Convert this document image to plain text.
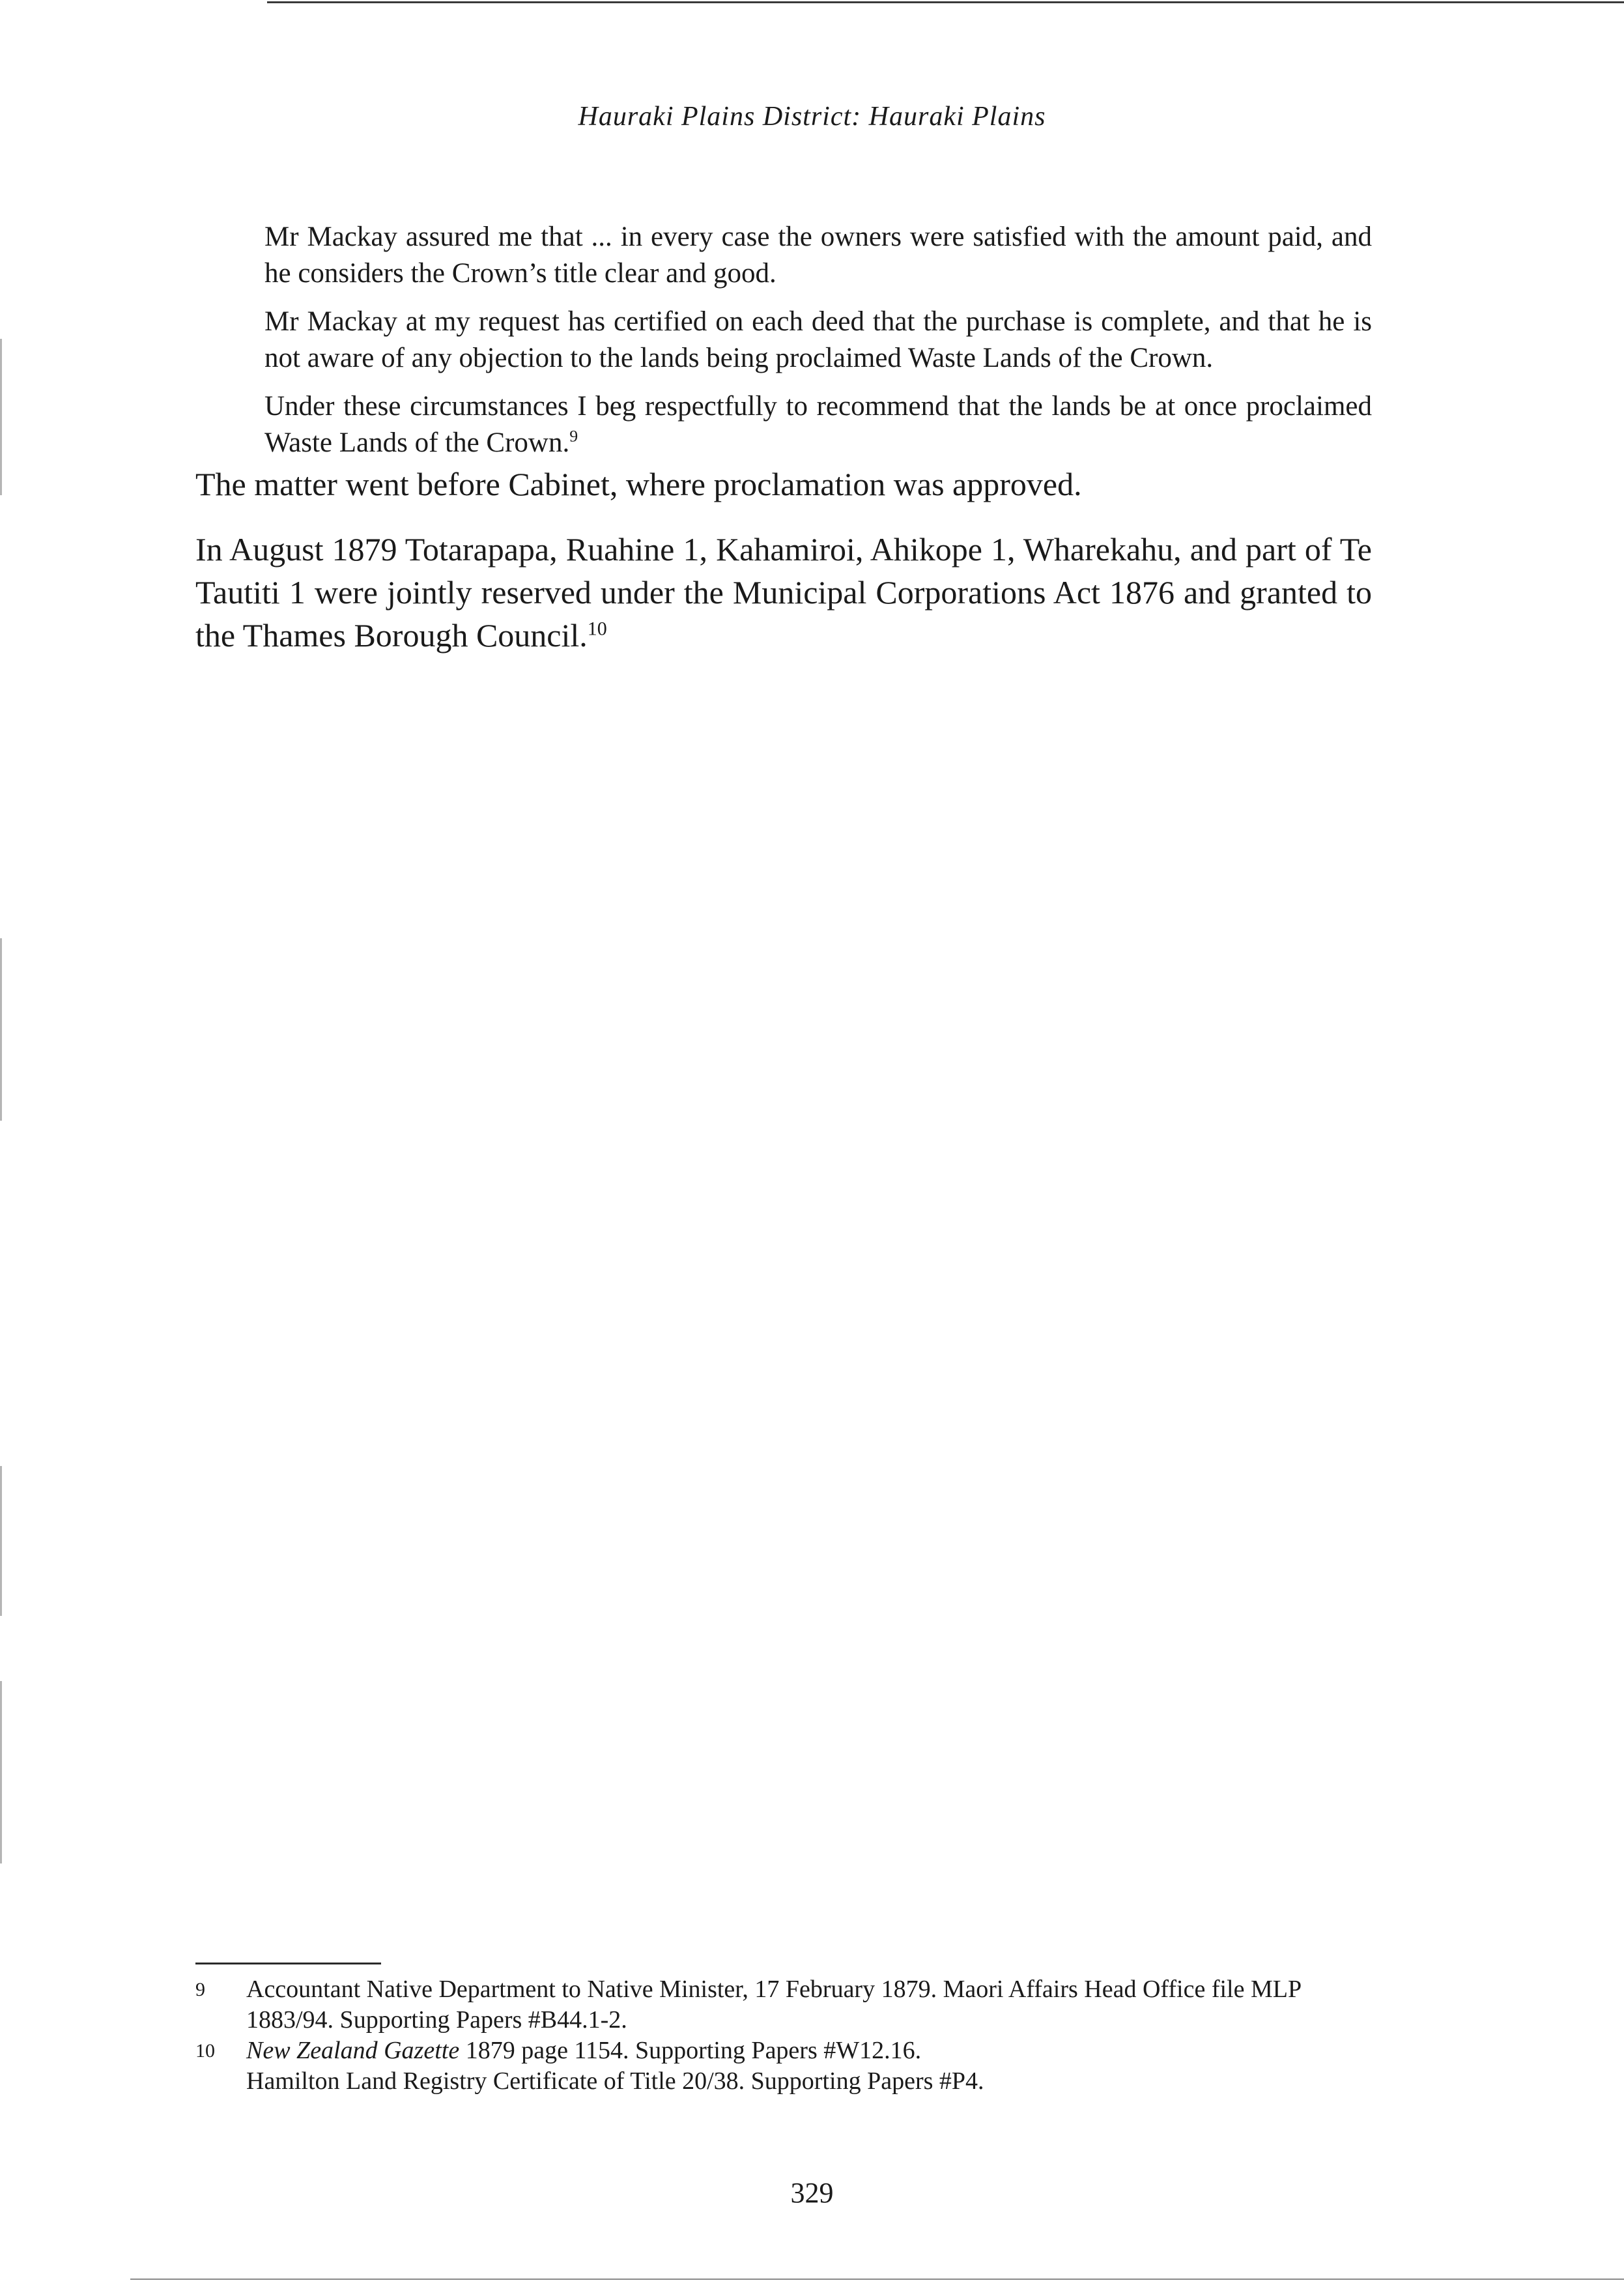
Hauraki Plains District: Hauraki Plains

Mr Mackay assured me that ... in every case the owners were satisfied with the amount paid, and he considers the Crown’s title clear and good.

Mr Mackay at my request has certified on each deed that the purchase is complete, and that he is not aware of any objection to the lands being proclaimed Waste Lands of the Crown.

Under these circumstances I beg respectfully to recommend that the lands be at once proclaimed Waste Lands of the Crown.$^9$

The matter went before Cabinet, where proclamation was approved.

In August 1879 Totarapapa, Ruahine 1, Kahamiroi, Ahikope 1, Wharekahu, and part of Te Tautiti 1 were jointly reserved under the Municipal Corporations Act 1876 and granted to the Thames Borough Council.$^{10}$

9 Accountant Native Department to Native Minister, 17 February 1879. Maori Affairs Head Office file MLP 1883/94. Supporting Papers #B44.1-2.
10 New Zealand Gazette 1879 page 1154. Supporting Papers #W12.16.
Hamilton Land Registry Certificate of Title 20/38. Supporting Papers #P4.
329
